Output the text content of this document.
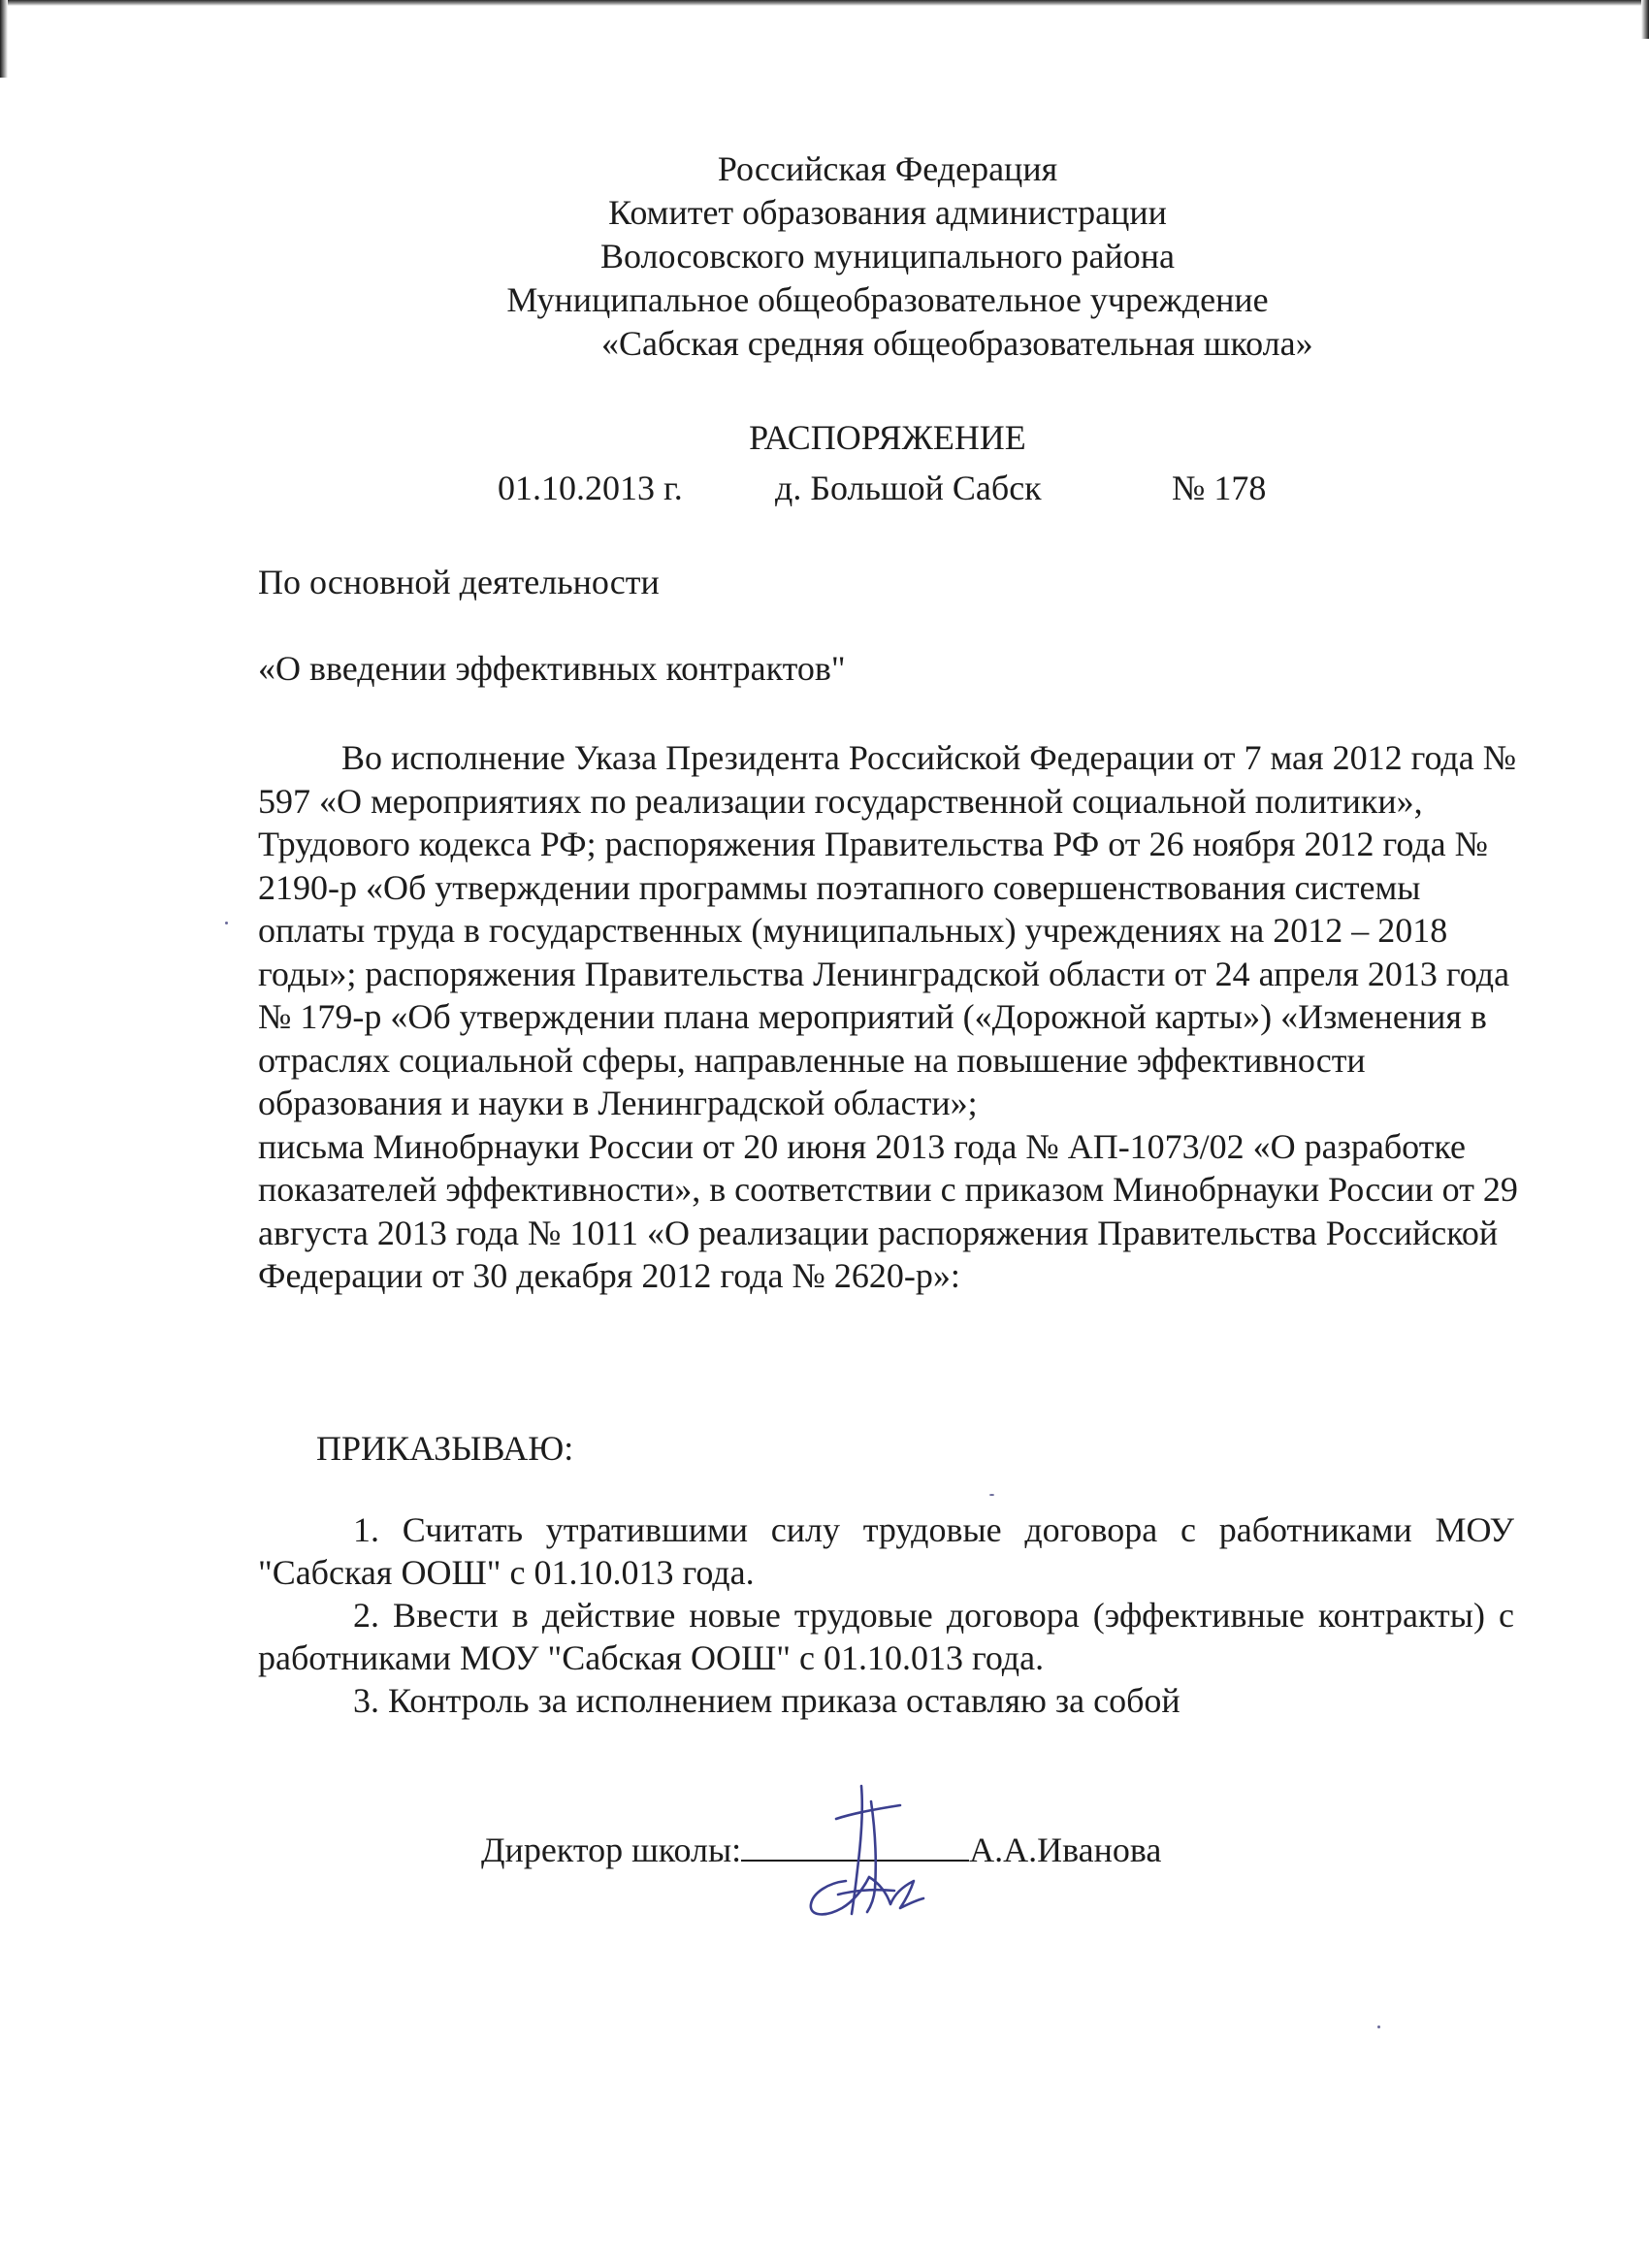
Российская Федерация
Комитет образования администрации
Волосовского муниципального района
Муниципальное общеобразовательное учреждение
«Сабская средняя общеобразовательная школа»
РАСПОРЯЖЕНИЕ
01.10.2013 г.	д. Большой Сабск	№ 178
По основной деятельности
«О введении эффективных контрактов"

Во исполнение Указа Президента Российской Федерации от 7 мая 2012 года № 597 «О мероприятиях по реализации государственной социальной политики», Трудового кодекса РФ; распоряжения Правительства РФ от 26 ноября 2012 года № 2190-р «Об утверждении программы поэтапного совершенствования системы оплаты труда в государственных (муниципальных) учреждениях на 2012 – 2018 годы»; распоряжения Правительства Ленинградской области от 24 апреля 2013 года № 179-р «Об утверждении плана мероприятий («Дорожной карты») «Изменения в отраслях социальной сферы, направленные на повышение эффективности образования и науки в Ленинградской области»;

письма Минобрнауки России от 20 июня 2013 года № АП-1073/02 «О разработке показателей эффективности», в соответствии с приказом Минобрнауки России от 29 августа 2013 года № 1011 «О реализации распоряжения Правительства Российской Федерации от 30 декабря 2012 года № 2620-р»:

ПРИКАЗЫВАЮ:

1. Считать утратившими силу трудовые договора с работниками МОУ "Сабская ООШ" с 01.10.013 года.

2. Ввести в действие новые трудовые договора (эффективные контракты) с работниками МОУ "Сабская ООШ" с 01.10.013 года.

3. Контроль за исполнением приказа оставляю за собой

Директор школы:	А.А.Иванова
